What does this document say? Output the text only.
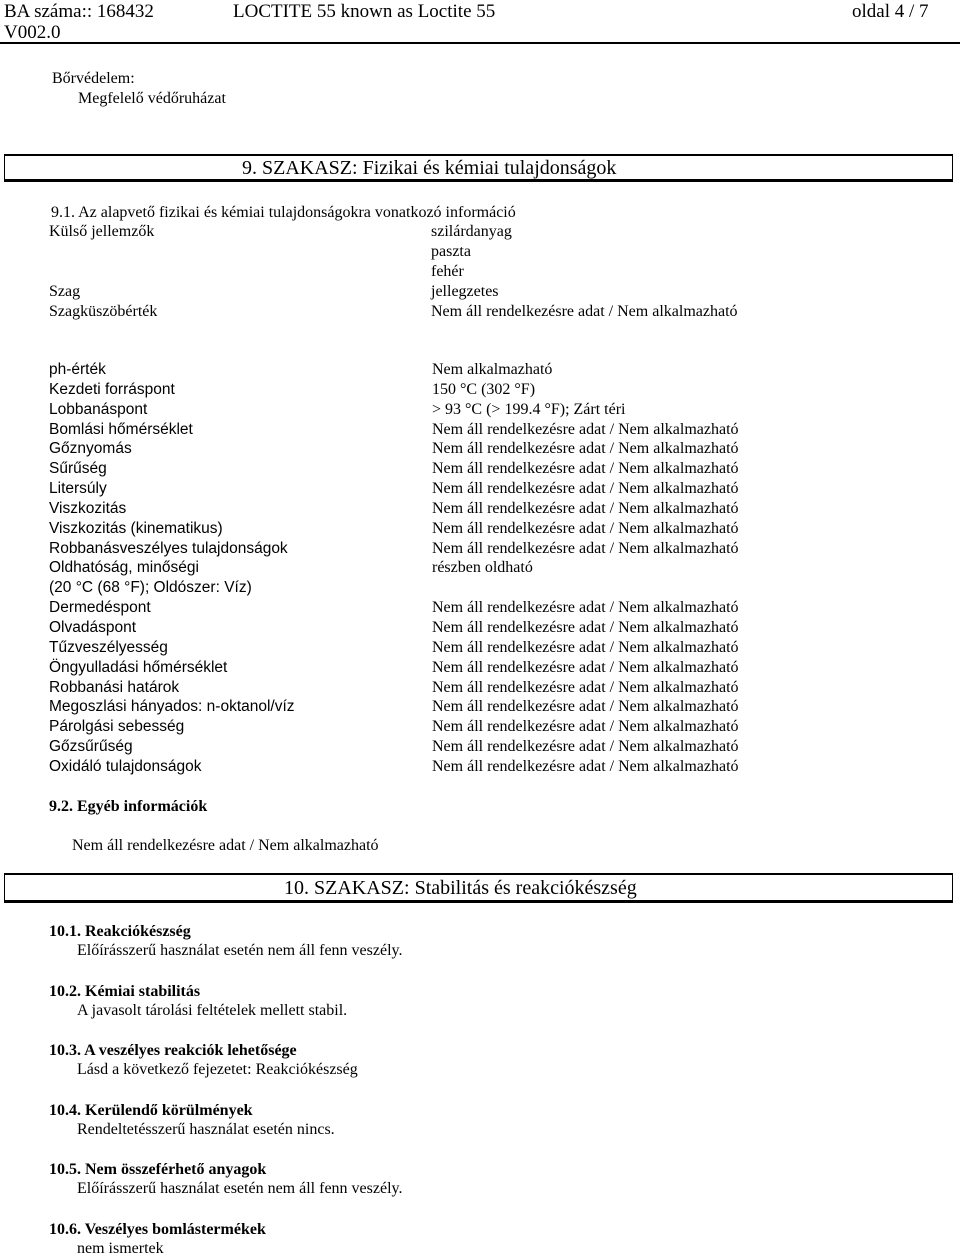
BA száma:: 168432
V002.0
LOCTITE 55 known as Loctite 55	oldal 4 / 7
Bőrvédelem:
Megfelelő védőruházat
9. SZAKASZ: Fizikai és kémiai tulajdonságok
9.1. Az alapvető fizikai és kémiai tulajdonságokra vonatkozó információ
Külső jellemzők	szilárdanyag
paszta
fehér
Szag	jellegzetes
Szagküszöbérték	Nem áll rendelkezésre adat / Nem alkalmazható
ph-érték	Nem alkalmazható
Kezdeti forráspont	150 °C (302 °F)
Lobbanáspont	> 93 °C (> 199.4 °F); Zárt téri
Bomlási hőmérséklet	Nem áll rendelkezésre adat / Nem alkalmazható
Gőznyomás	Nem áll rendelkezésre adat / Nem alkalmazható
Sűrűség	Nem áll rendelkezésre adat / Nem alkalmazható
Litersúly	Nem áll rendelkezésre adat / Nem alkalmazható
Viszkozitás	Nem áll rendelkezésre adat / Nem alkalmazható
Viszkozitás (kinematikus)	Nem áll rendelkezésre adat / Nem alkalmazható
Robbanásveszélyes tulajdonságok	Nem áll rendelkezésre adat / Nem alkalmazható
Oldhatóság, minőségi	részben oldható
(20 °C (68 °F); Oldószer: Víz)
Dermedéspont	Nem áll rendelkezésre adat / Nem alkalmazható
Olvadáspont	Nem áll rendelkezésre adat / Nem alkalmazható
Tűzveszélyesség	Nem áll rendelkezésre adat / Nem alkalmazható
Öngyulladási hőmérséklet	Nem áll rendelkezésre adat / Nem alkalmazható
Robbanási határok	Nem áll rendelkezésre adat / Nem alkalmazható
Megoszlási hányados: n-oktanol/víz	Nem áll rendelkezésre adat / Nem alkalmazható
Párolgási sebesség	Nem áll rendelkezésre adat / Nem alkalmazható
Gőzsűrűség	Nem áll rendelkezésre adat / Nem alkalmazható
Oxidáló tulajdonságok	Nem áll rendelkezésre adat / Nem alkalmazható
9.2. Egyéb információk
Nem áll rendelkezésre adat / Nem alkalmazható
10. SZAKASZ: Stabilitás és reakciókészség
10.1. Reakciókészség
Előírásszerű használat esetén nem áll fenn veszély.
10.2. Kémiai stabilitás
A javasolt tárolási feltételek mellett stabil.
10.3. A veszélyes reakciók lehetősége
Lásd a következő fejezetet: Reakciókészség
10.4. Kerülendő körülmények
Rendeltetésszerű használat esetén nincs.
10.5. Nem összeférhető anyagok
Előírásszerű használat esetén nem áll fenn veszély.
10.6. Veszélyes bomlástermékek
nem ismertek
